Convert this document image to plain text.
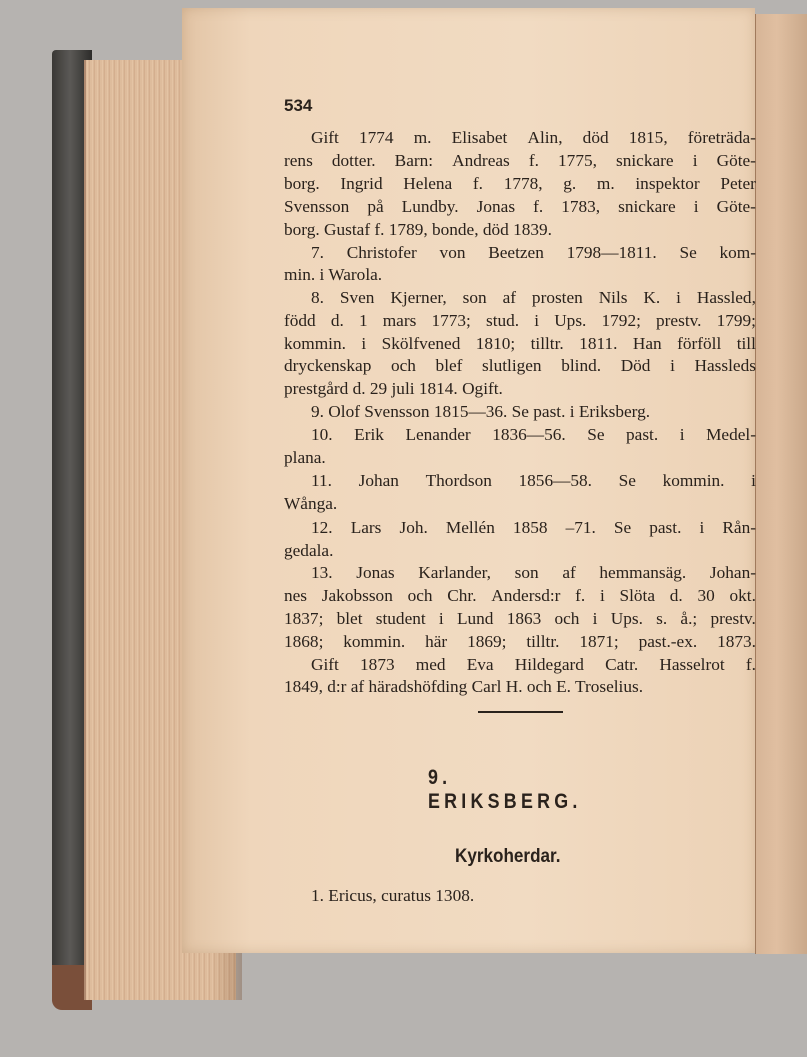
534
Gift 1774 m. Elisabet Alin, död 1815, företräda-
rens dotter. Barn: Andreas f. 1775, snickare i Göte-
borg. Ingrid Helena f. 1778, g. m. inspektor Peter
Svensson på Lundby. Jonas f. 1783, snickare i Göte-
borg. Gustaf f. 1789, bonde, död 1839.
7. Christofer von Beetzen 1798—1811. Se kom-
min. i Warola.
8. Sven Kjerner, son af prosten Nils K. i Hassled,
född d. 1 mars 1773; stud. i Ups. 1792; prestv. 1799;
kommin. i Skölfvened 1810; tilltr. 1811. Han förföll till
dryckenskap och blef slutligen blind. Död i Hassleds
prestgård d. 29 juli 1814. Ogift.
9. Olof Svensson 1815—36. Se past. i Eriksberg.
10. Erik Lenander 1836—56. Se past. i Medel-
plana.
11. Johan Thordson 1856—58. Se kommin. i
Wånga.
12. Lars Joh. Mellén 1858 –71. Se past. i Rån-
gedala.
13. Jonas Karlander, son af hemmansäg. Johan-
nes Jakobsson och Chr. Andersd:r f. i Slöta d. 30 okt.
1837; blet student i Lund 1863 och i Ups. s. å.; prestv.
1868; kommin. här 1869; tilltr. 1871; past.-ex. 1873.
Gift 1873 med Eva Hildegard Catr. Hasselrot f.
1849, d:r af häradshöfding Carl H. och E. Troselius.
9. ERIKSBERG.
Kyrkoherdar.
1. Ericus, curatus 1308.
